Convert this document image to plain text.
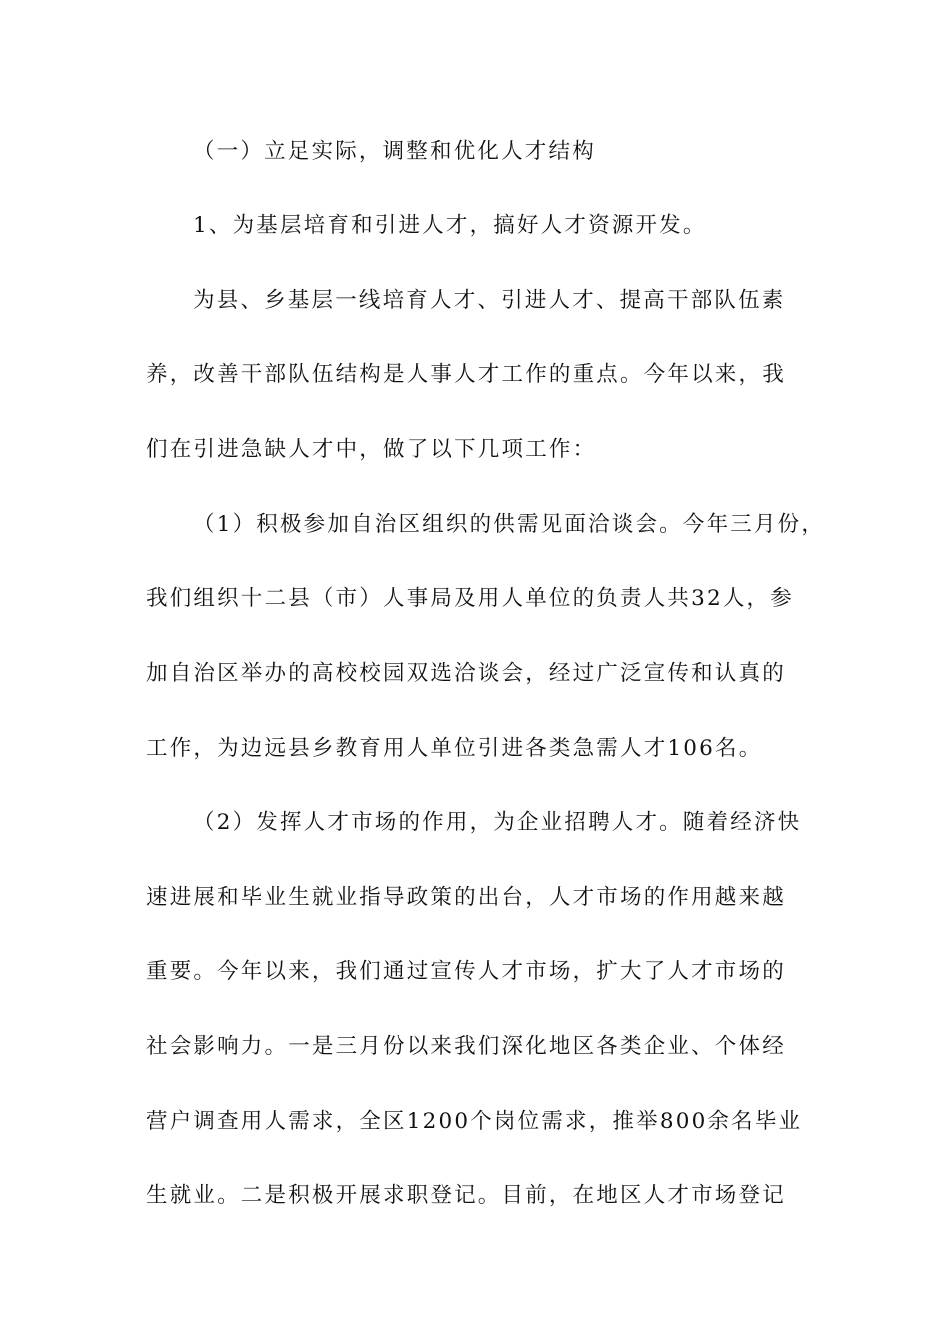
（一）立足实际，调整和优化人才结构
1、为基层培育和引进人才，搞好人才资源开发。
为县、乡基层一线培育人才、引进人才、提高干部队伍素
养，改善干部队伍结构是人事人才工作的重点。今年以来，我
们在引进急缺人才中，做了以下几项工作：
（1）积极参加自治区组织的供需见面洽谈会。今年三月份，
我们组织十二县（市）人事局及用人单位的负责人共32人，参
加自治区举办的高校校园双选洽谈会，经过广泛宣传和认真的
工作，为边远县乡教育用人单位引进各类急需人才106名。
（2）发挥人才市场的作用，为企业招聘人才。随着经济快
速进展和毕业生就业指导政策的出台，人才市场的作用越来越
重要。今年以来，我们通过宣传人才市场，扩大了人才市场的
社会影响力。一是三月份以来我们深化地区各类企业、个体经
营户调查用人需求，全区1200个岗位需求，推举800余名毕业
生就业。二是积极开展求职登记。目前，在地区人才市场登记
